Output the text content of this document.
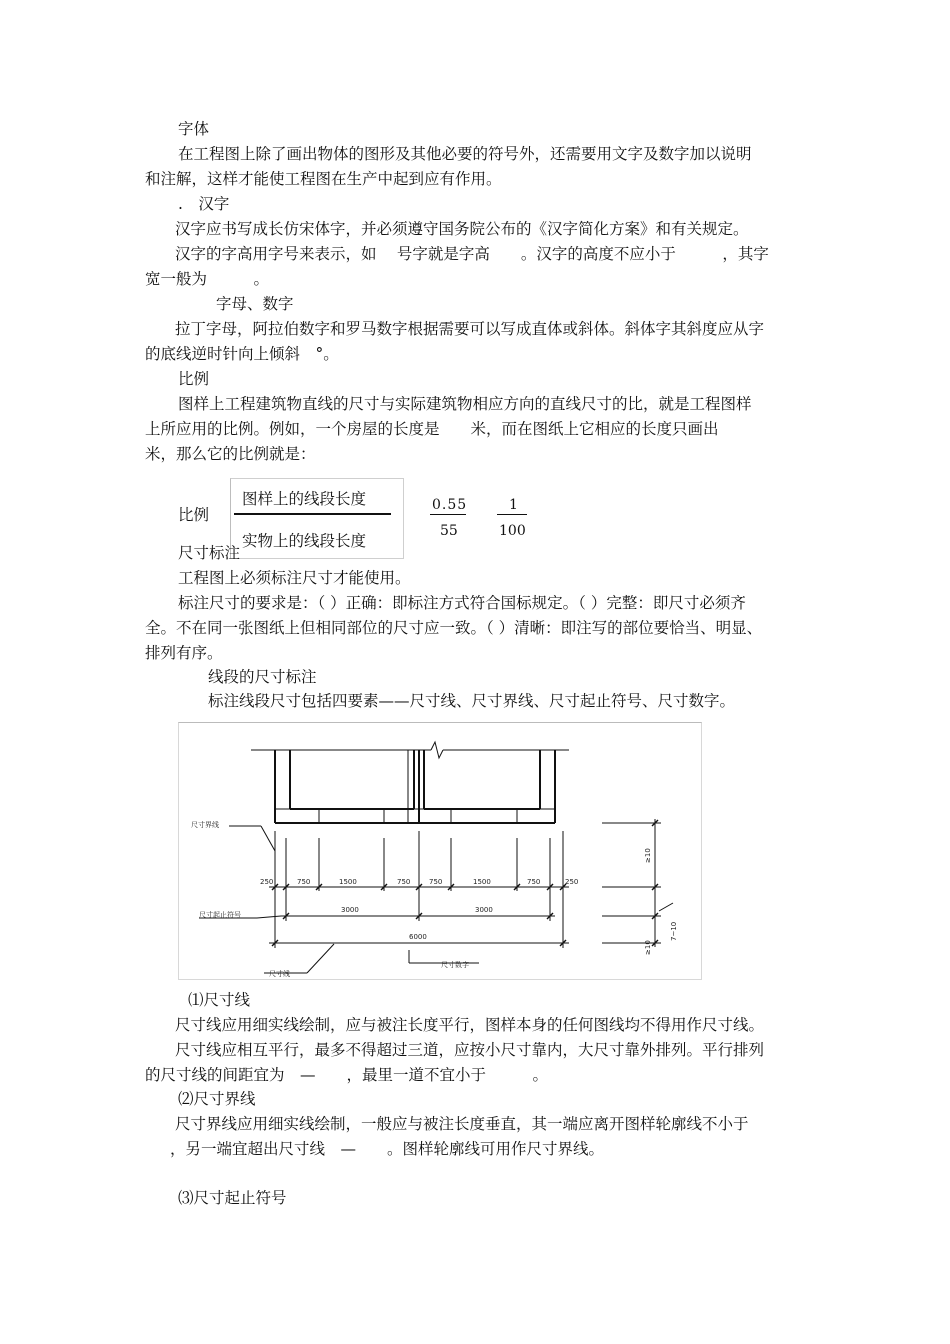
字体
在工程图上除了画出物体的图形及其他必要的符号外，还需要用文字及数字加以说明
和注解，这样才能使工程图在生产中起到应有作用。
.　汉字
汉字应书写成长仿宋体字，并必须遵守国务院公布的《汉字简化方案》和有关规定。
汉字的字高用字号来表示，如　 号字就是字高　　。汉字的高度不应小于　　　，其字
宽一般为　　　。
字母、数字
拉丁字母，阿拉伯数字和罗马数字根据需要可以写成直体或斜体。斜体字其斜度应从字
的底线逆时针向上倾斜　°。
比例
图样上工程建筑物直线的尺寸与实际建筑物相应方向的直线尺寸的比，就是工程图样
上所应用的比例。例如，一个房屋的长度是　　米，而在图纸上它相应的长度只画出
米，那么它的比例就是：
比例
图样上的线段长度
实物上的线段长度
0.55
55
1
100
尺寸标注
工程图上必须标注尺寸才能使用。
标注尺寸的要求是：（ ）正确：即标注方式符合国标规定。（ ）完整：即尺寸必须齐
全。不在同一张图纸上但相同部位的尺寸应一致。（ ）清晰：即注写的部位要恰当、明显、
排列有序。
线段的尺寸标注
标注线段尺寸包括四要素——尺寸线、尺寸界线、尺寸起止符号、尺寸数字。
尺寸界线
尺寸起止符号
尺寸线
尺寸数字
250	750	1500	750	750	1500	750	250
3000	3000
6000
≥10
7~10
≥10
⑴尺寸线
尺寸线应用细实线绘制，应与被注长度平行，图样本身的任何图线均不得用作尺寸线。
尺寸线应相互平行，最多不得超过三道，应按小尺寸靠内，大尺寸靠外排列。平行排列
的尺寸线的间距宜为　—　　，最里一道不宜小于　　　。
⑵尺寸界线
尺寸界线应用细实线绘制，一般应与被注长度垂直，其一端应离开图样轮廓线不小于
，另一端宜超出尺寸线　—　　。图样轮廓线可用作尺寸界线。
⑶尺寸起止符号
